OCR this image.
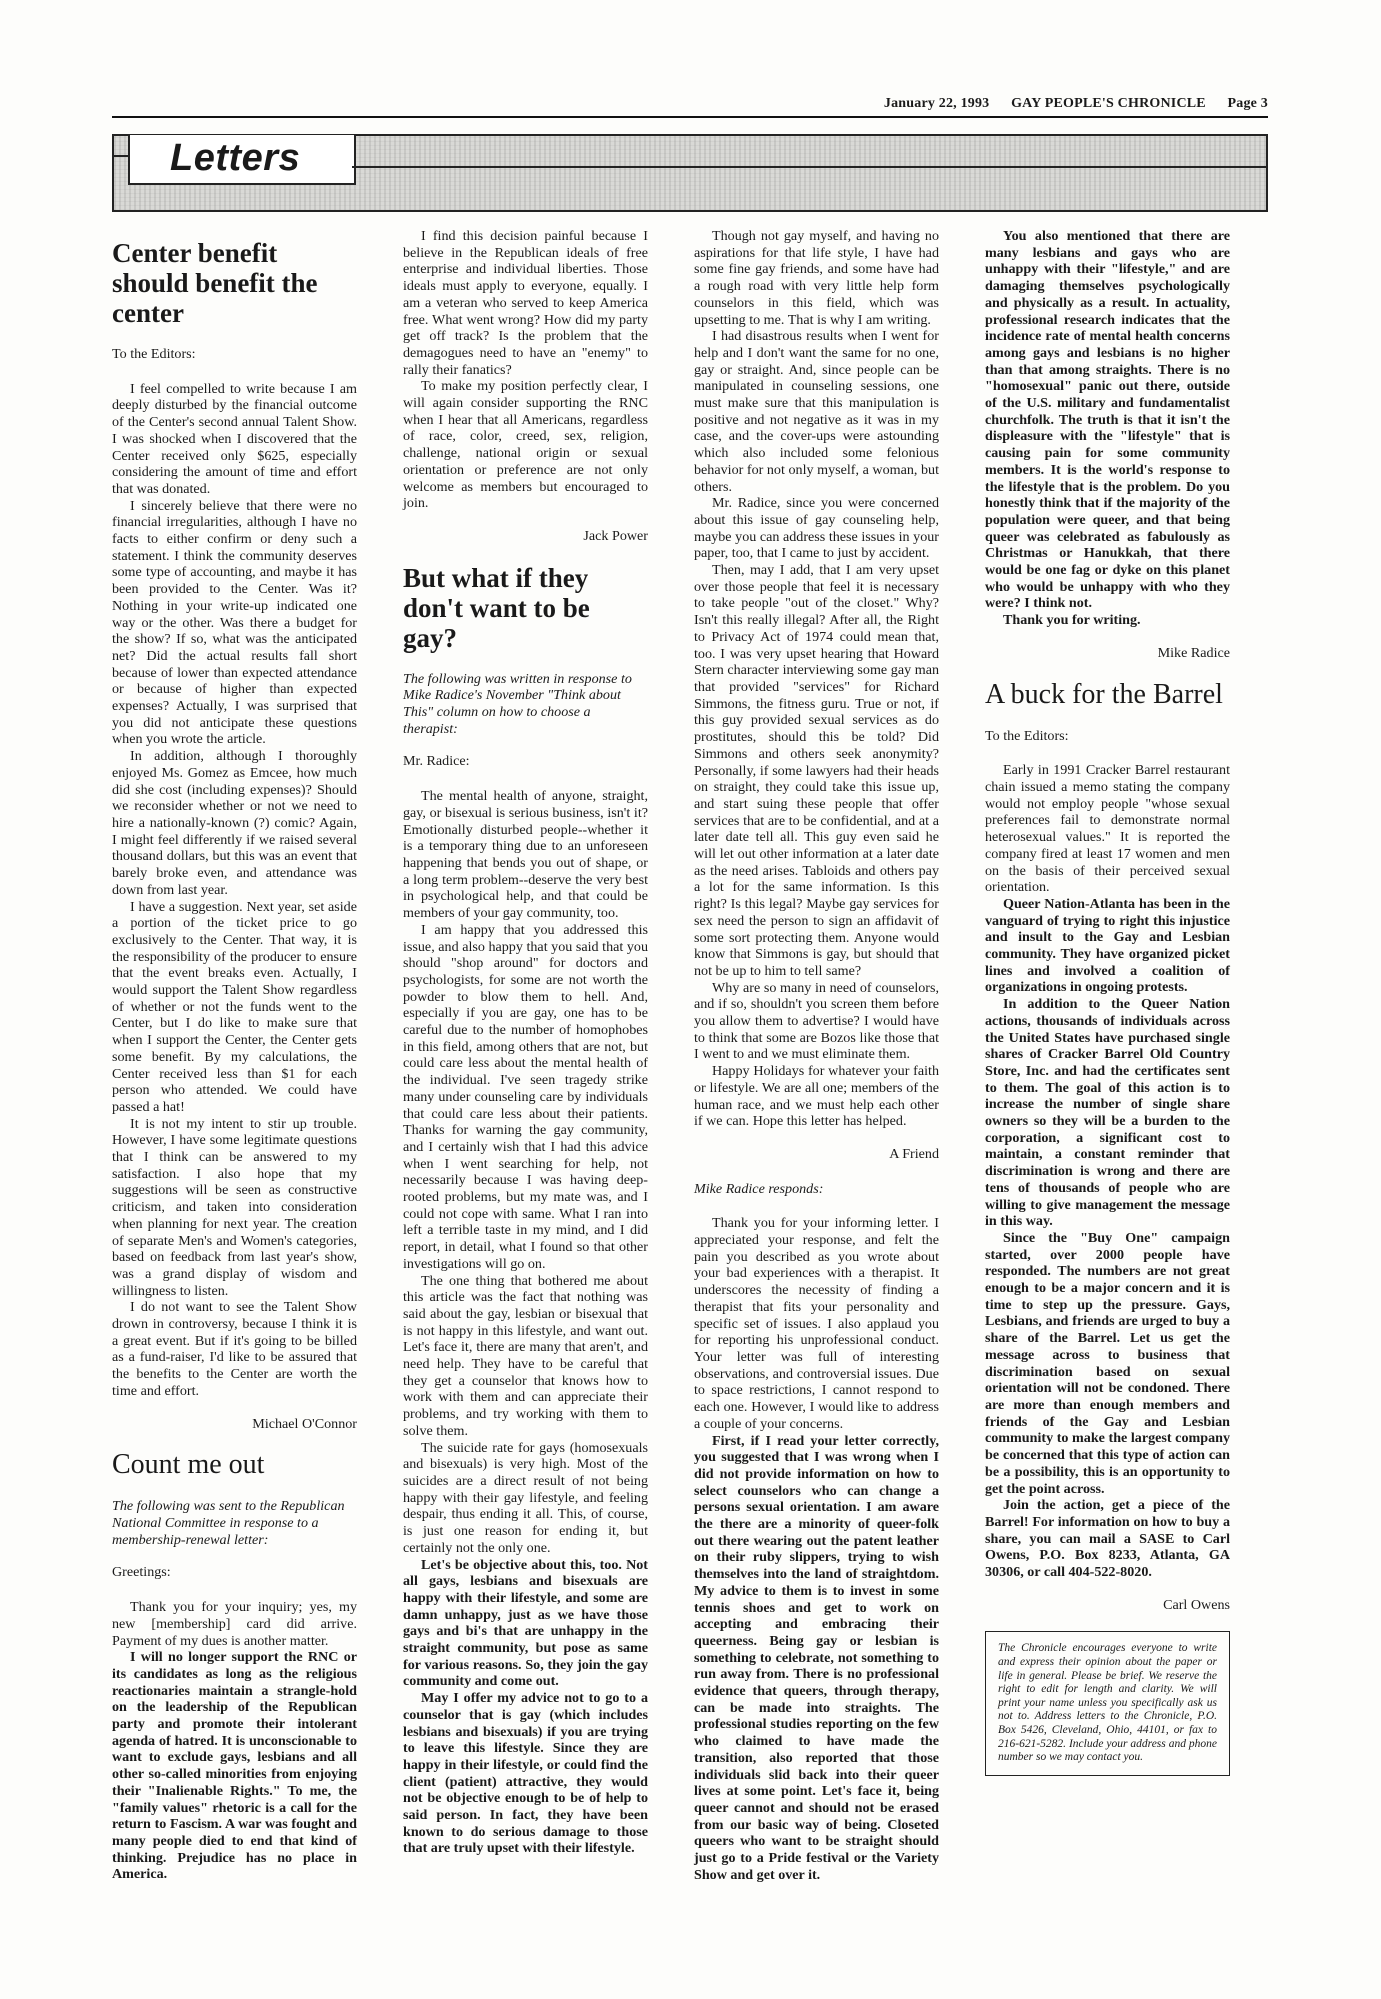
January 22, 1993 GAY PEOPLE'S CHRONICLE Page 3
Letters
Center benefit should benefit the center

To the Editors:

I feel compelled to write because I am deeply disturbed by the financial outcome of the Center's second annual Talent Show. I was shocked when I discovered that the Center received only $625, especially considering the amount of time and effort that was donated.

I sincerely believe that there were no financial irregularities, although I have no facts to either confirm or deny such a statement. I think the community deserves some type of accounting, and maybe it has been provided to the Center. Was it? Nothing in your write-up indicated one way or the other. Was there a budget for the show? If so, what was the anticipated net? Did the actual results fall short because of lower than expected attendance or because of higher than expected expenses? Actually, I was surprised that you did not anticipate these questions when you wrote the article.

In addition, although I thoroughly enjoyed Ms. Gomez as Emcee, how much did she cost (including expenses)? Should we reconsider whether or not we need to hire a nationally-known (?) comic? Again, I might feel differently if we raised several thousand dollars, but this was an event that barely broke even, and attendance was down from last year.

I have a suggestion. Next year, set aside a portion of the ticket price to go exclusively to the Center. That way, it is the responsibility of the producer to ensure that the event breaks even. Actually, I would support the Talent Show regardless of whether or not the funds went to the Center, but I do like to make sure that when I support the Center, the Center gets some benefit. By my calculations, the Center received less than $1 for each person who attended. We could have passed a hat!

It is not my intent to stir up trouble. However, I have some legitimate questions that I think can be answered to my satisfaction. I also hope that my suggestions will be seen as constructive criticism, and taken into consideration when planning for next year. The creation of separate Men's and Women's categories, based on feedback from last year's show, was a grand display of wisdom and willingness to listen.

I do not want to see the Talent Show drown in controversy, because I think it is a great event. But if it's going to be billed as a fund-raiser, I'd like to be assured that the benefits to the Center are worth the time and effort.

Michael O'Connor

Count me out

The following was sent to the Republican National Committee in response to a membership-renewal letter:

Greetings:

Thank you for your inquiry; yes, my new [membership] card did arrive. Payment of my dues is another matter.

I will no longer support the RNC or its candidates as long as the religious reactionaries maintain a strangle-hold on the leadership of the Republican party and promote their intolerant agenda of hatred. It is unconscionable to want to exclude gays, lesbians and all other so-called minorities from enjoying their "Inalienable Rights." To me, the "family values" rhetoric is a call for the return to Fascism. A war was fought and many people died to end that kind of thinking. Prejudice has no place in America.

I find this decision painful because I believe in the Republican ideals of free enterprise and individual liberties. Those ideals must apply to everyone, equally. I am a veteran who served to keep America free. What went wrong? How did my party get off track? Is the problem that the demagogues need to have an "enemy" to rally their fanatics?

To make my position perfectly clear, I will again consider supporting the RNC when I hear that all Americans, regardless of race, color, creed, sex, religion, challenge, national origin or sexual orientation or preference are not only welcome as members but encouraged to join.

Jack Power

But what if they don't want to be gay?

The following was written in response to Mike Radice's November "Think about This" column on how to choose a therapist:

Mr. Radice:

The mental health of anyone, straight, gay, or bisexual is serious business, isn't it? Emotionally disturbed people--whether it is a temporary thing due to an unforeseen happening that bends you out of shape, or a long term problem--deserve the very best in psychological help, and that could be members of your gay community, too.

I am happy that you addressed this issue, and also happy that you said that you should "shop around" for doctors and psychologists, for some are not worth the powder to blow them to hell. And, especially if you are gay, one has to be careful due to the number of homophobes in this field, among others that are not, but could care less about the mental health of the individual. I've seen tragedy strike many under counseling care by individuals that could care less about their patients. Thanks for warning the gay community, and I certainly wish that I had this advice when I went searching for help, not necessarily because I was having deep-rooted problems, but my mate was, and I could not cope with same. What I ran into left a terrible taste in my mind, and I did report, in detail, what I found so that other investigations will go on.

The one thing that bothered me about this article was the fact that nothing was said about the gay, lesbian or bisexual that is not happy in this lifestyle, and want out. Let's face it, there are many that aren't, and need help. They have to be careful that they get a counselor that knows how to work with them and can appreciate their problems, and try working with them to solve them.

The suicide rate for gays (homosexuals and bisexuals) is very high. Most of the suicides are a direct result of not being happy with their gay lifestyle, and feeling despair, thus ending it all. This, of course, is just one reason for ending it, but certainly not the only one.

Let's be objective about this, too. Not all gays, lesbians and bisexuals are happy with their lifestyle, and some are damn unhappy, just as we have those gays and bi's that are unhappy in the straight community, but pose as same for various reasons. So, they join the gay community and come out.

May I offer my advice not to go to a counselor that is gay (which includes lesbians and bisexuals) if you are trying to leave this lifestyle. Since they are happy in their lifestyle, or could find the client (patient) attractive, they would not be objective enough to be of help to said person. In fact, they have been known to do serious damage to those that are truly upset with their lifestyle.

Though not gay myself, and having no aspirations for that life style, I have had some fine gay friends, and some have had a rough road with very little help form counselors in this field, which was upsetting to me. That is why I am writing.

I had disastrous results when I went for help and I don't want the same for no one, gay or straight. And, since people can be manipulated in counseling sessions, one must make sure that this manipulation is positive and not negative as it was in my case, and the cover-ups were astounding which also included some felonious behavior for not only myself, a woman, but others.

Mr. Radice, since you were concerned about this issue of gay counseling help, maybe you can address these issues in your paper, too, that I came to just by accident.

Then, may I add, that I am very upset over those people that feel it is necessary to take people "out of the closet." Why? Isn't this really illegal? After all, the Right to Privacy Act of 1974 could mean that, too. I was very upset hearing that Howard Stern character interviewing some gay man that provided "services" for Richard Simmons, the fitness guru. True or not, if this guy provided sexual services as do prostitutes, should this be told? Did Simmons and others seek anonymity? Personally, if some lawyers had their heads on straight, they could take this issue up, and start suing these people that offer services that are to be confidential, and at a later date tell all. This guy even said he will let out other information at a later date as the need arises. Tabloids and others pay a lot for the same information. Is this right? Is this legal? Maybe gay services for sex need the person to sign an affidavit of some sort protecting them. Anyone would know that Simmons is gay, but should that not be up to him to tell same?

Why are so many in need of counselors, and if so, shouldn't you screen them before you allow them to advertise? I would have to think that some are Bozos like those that I went to and we must eliminate them.

Happy Holidays for whatever your faith or lifestyle. We are all one; members of the human race, and we must help each other if we can. Hope this letter has helped.

A Friend

Mike Radice responds:

Thank you for your informing letter. I appreciated your response, and felt the pain you described as you wrote about your bad experiences with a therapist. It underscores the necessity of finding a therapist that fits your personality and specific set of issues. I also applaud you for reporting his unprofessional conduct. Your letter was full of interesting observations, and controversial issues. Due to space restrictions, I cannot respond to each one. However, I would like to address a couple of your concerns.

First, if I read your letter correctly, you suggested that I was wrong when I did not provide information on how to select counselors who can change a persons sexual orientation. I am aware the there are a minority of queer-folk out there wearing out the patent leather on their ruby slippers, trying to wish themselves into the land of straightdom. My advice to them is to invest in some tennis shoes and get to work on accepting and embracing their queerness. Being gay or lesbian is something to celebrate, not something to run away from. There is no professional evidence that queers, through therapy, can be made into straights. The professional studies reporting on the few who claimed to have made the transition, also reported that those individuals slid back into their queer lives at some point. Let's face it, being queer cannot and should not be erased from our basic way of being. Closeted queers who want to be straight should just go to a Pride festival or the Variety Show and get over it.

You also mentioned that there are many lesbians and gays who are unhappy with their "lifestyle," and are damaging themselves psychologically and physically as a result. In actuality, professional research indicates that the incidence rate of mental health concerns among gays and lesbians is no higher than that among straights. There is no "homosexual" panic out there, outside of the U.S. military and fundamentalist churchfolk. The truth is that it isn't the displeasure with the "lifestyle" that is causing pain for some community members. It is the world's response to the lifestyle that is the problem. Do you honestly think that if the majority of the population were queer, and that being queer was celebrated as fabulously as Christmas or Hanukkah, that there would be one fag or dyke on this planet who would be unhappy with who they were? I think not.

Thank you for writing.

Mike Radice

A buck for the Barrel

To the Editors:

Early in 1991 Cracker Barrel restaurant chain issued a memo stating the company would not employ people "whose sexual preferences fail to demonstrate normal heterosexual values." It is reported the company fired at least 17 women and men on the basis of their perceived sexual orientation.

Queer Nation-Atlanta has been in the vanguard of trying to right this injustice and insult to the Gay and Lesbian community. They have organized picket lines and involved a coalition of organizations in ongoing protests.

In addition to the Queer Nation actions, thousands of individuals across the United States have purchased single shares of Cracker Barrel Old Country Store, Inc. and had the certificates sent to them. The goal of this action is to increase the number of single share owners so they will be a burden to the corporation, a significant cost to maintain, a constant reminder that discrimination is wrong and there are tens of thousands of people who are willing to give management the message in this way.

Since the "Buy One" campaign started, over 2000 people have responded. The numbers are not great enough to be a major concern and it is time to step up the pressure. Gays, Lesbians, and friends are urged to buy a share of the Barrel. Let us get the message across to business that discrimination based on sexual orientation will not be condoned. There are more than enough members and friends of the Gay and Lesbian community to make the largest company be concerned that this type of action can be a possibility, this is an opportunity to get the point across.

Join the action, get a piece of the Barrel! For information on how to buy a share, you can mail a SASE to Carl Owens, P.O. Box 8233, Atlanta, GA 30306, or call 404-522-8020.

Carl Owens

The Chronicle encourages everyone to write and express their opinion about the paper or life in general. Please be brief. We reserve the right to edit for length and clarity. We will print your name unless you specifically ask us not to. Address letters to the Chronicle, P.O. Box 5426, Cleveland, Ohio, 44101, or fax to 216-621-5282. Include your address and phone number so we may contact you.
